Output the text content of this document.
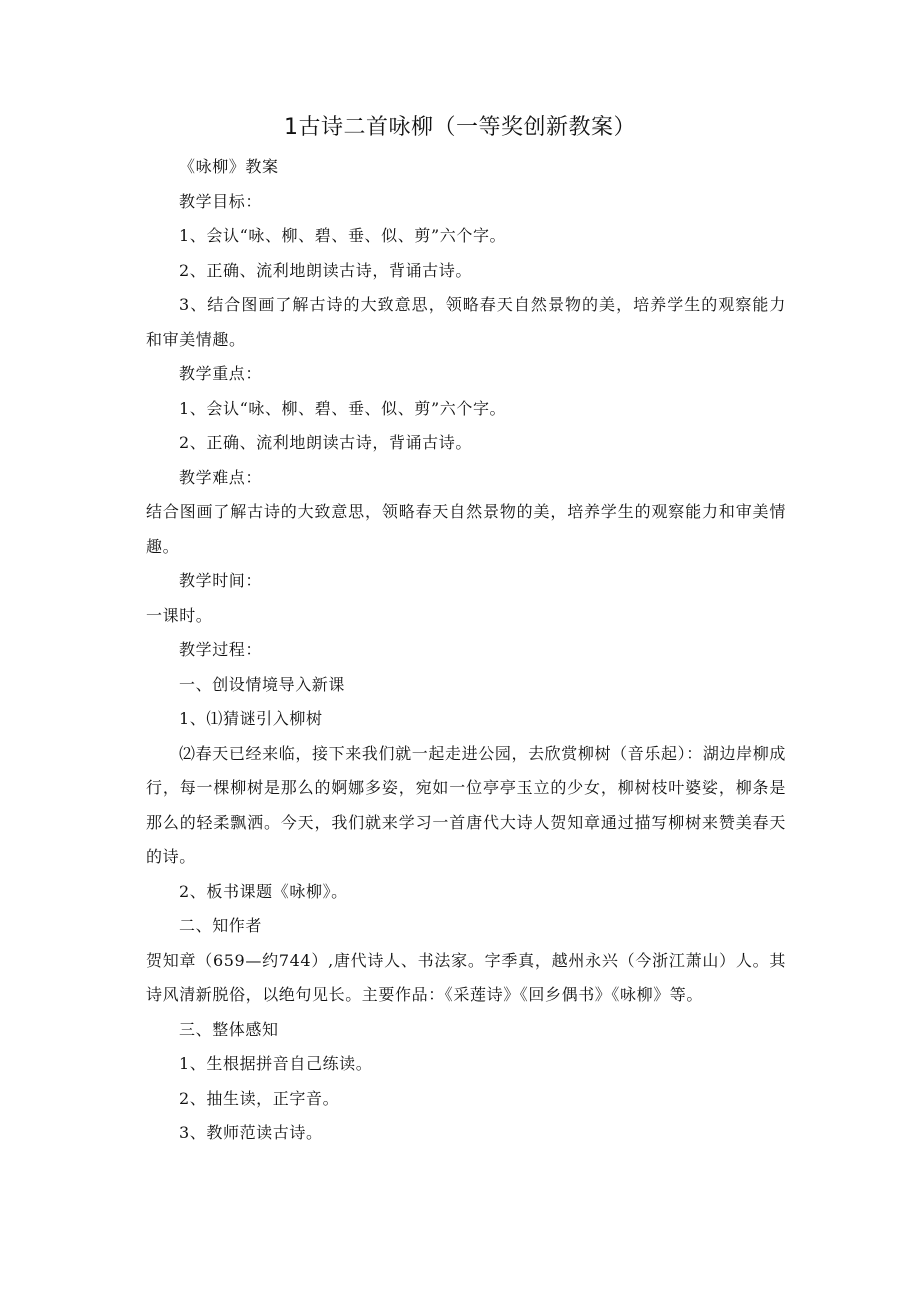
1古诗二首咏柳（一等奖创新教案）

《咏柳》教案

教学目标：

1、会认“咏、柳、碧、垂、似、剪”六个字。

2、正确、流利地朗读古诗，背诵古诗。

3、结合图画了解古诗的大致意思，领略春天自然景物的美，培养学生的观察能力和审美情趣。

教学重点：

1、会认“咏、柳、碧、垂、似、剪”六个字。

2、正确、流利地朗读古诗，背诵古诗。

教学难点：

结合图画了解古诗的大致意思，领略春天自然景物的美，培养学生的观察能力和审美情趣。

教学时间：

一课时。

教学过程：

一、创设情境导入新课

1、⑴猜谜引入柳树

⑵春天已经来临，接下来我们就一起走进公园，去欣赏柳树（音乐起）：湖边岸柳成行，每一棵柳树是那么的婀娜多姿，宛如一位亭亭玉立的少女，柳树枝叶婆娑，柳条是那么的轻柔飘洒。今天，我们就来学习一首唐代大诗人贺知章通过描写柳树来赞美春天的诗。

2、板书课题《咏柳》。

二、知作者

贺知章（659—约744）,唐代诗人、书法家。字季真，越州永兴（今浙江萧山）人。其诗风清新脱俗，以绝句见长。主要作品：《采莲诗》《回乡偶书》《咏柳》等。

三、整体感知

1、生根据拼音自己练读。

2、抽生读，正字音。

3、教师范读古诗。
